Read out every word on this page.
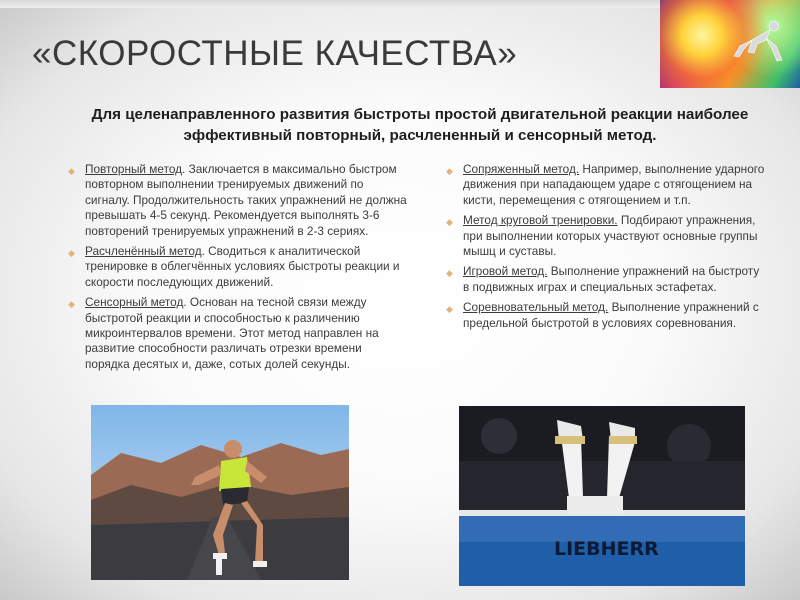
«СКОРОСТНЫЕ КАЧЕСТВА»
Для целенаправленного развития быстроты простой двигательной реакции наиболее эффективный повторный, расчлененный и сенсорный метод.
◆ Повторный метод. Заключается в максимально быстром повторном выполнении тренируемых движений по сигналу. Продолжительность таких упражнений не должна превышать 4-5 секунд. Рекомендуется выполнять 3-6 повторений тренируемых упражнений в 2-3 сериях.
◆ Расчленённый метод. Сводиться к аналитической тренировке в облегчённых условиях быстроты реакции и скорости последующих движений.
◆ Сенсорный метод. Основан на тесной связи между быстротой реакции и способностью к различению микроинтервалов времени. Этот метод направлен на развитие способности различать отрезки времени порядка десятых и, даже, сотых долей секунды.
◆ Сопряженный метод. Например, выполнение ударного движения при нападающем ударе с отягощением на кисти, перемещения с отягощением и т.п.
◆ Метод круговой тренировки. Подбирают упражнения, при выполнении которых участвуют основные группы мышц и суставы.
◆ Игровой метод. Выполнение упражнений на быстроту в подвижных играх и специальных эстафетах.
◆ Соревновательный метод. Выполнение упражнений с предельной быстротой в условиях соревнования.
LIEBHERR
